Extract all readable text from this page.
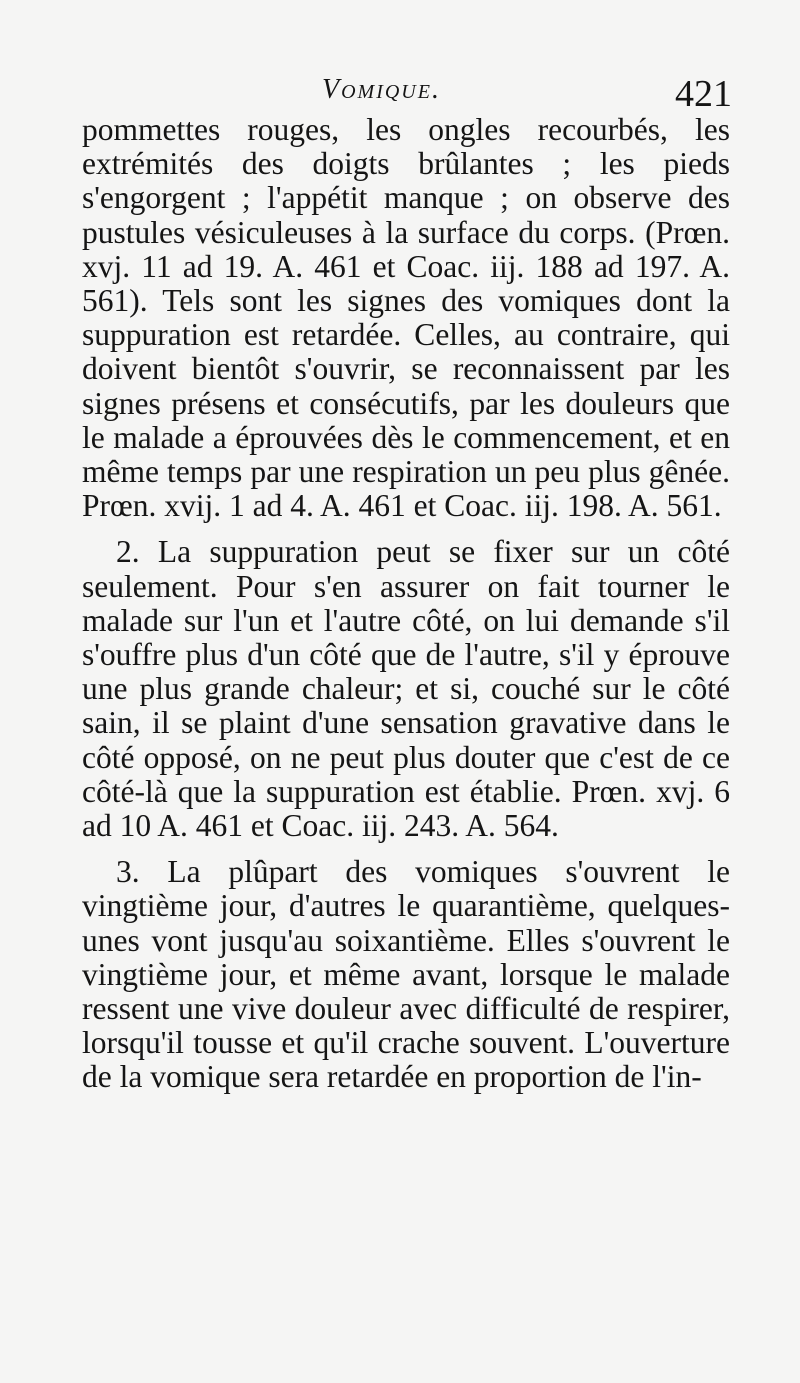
Vomique.	421

pommettes rouges, les ongles recourbés, les extrémités des doigts brûlantes ; les pieds s'engorgent ; l'appétit manque ; on observe des pustules vésiculeuses à la surface du corps. (Prœn. xvj. 11 ad 19. A. 461 et Coac. iij. 188 ad 197. A. 561). Tels sont les signes des vomiques dont la suppuration est retardée. Celles, au contraire, qui doivent bientôt s'ouvrir, se reconnaissent par les signes présens et consécutifs, par les douleurs que le malade a éprouvées dès le commencement, et en même temps par une respiration un peu plus gênée. Prœn. xvij. 1 ad 4. A. 461 et Coac. iij. 198. A. 561.

2. La suppuration peut se fixer sur un côté seulement. Pour s'en assurer on fait tourner le malade sur l'un et l'autre côté, on lui demande s'il s'ouffre plus d'un côté que de l'autre, s'il y éprouve une plus grande chaleur; et si, couché sur le côté sain, il se plaint d'une sensation gravative dans le côté opposé, on ne peut plus douter que c'est de ce côté-là que la suppuration est établie. Prœn. xvj. 6 ad 10 A. 461 et Coac. iij. 243. A. 564.

3. La plûpart des vomiques s'ouvrent le vingtième jour, d'autres le quarantième, quelques-unes vont jusqu'au soixantième. Elles s'ouvrent le vingtième jour, et même avant, lorsque le malade ressent une vive douleur avec difficulté de respirer, lorsqu'il tousse et qu'il crache souvent. L'ouverture de la vomique sera retardée en proportion de l'in-
